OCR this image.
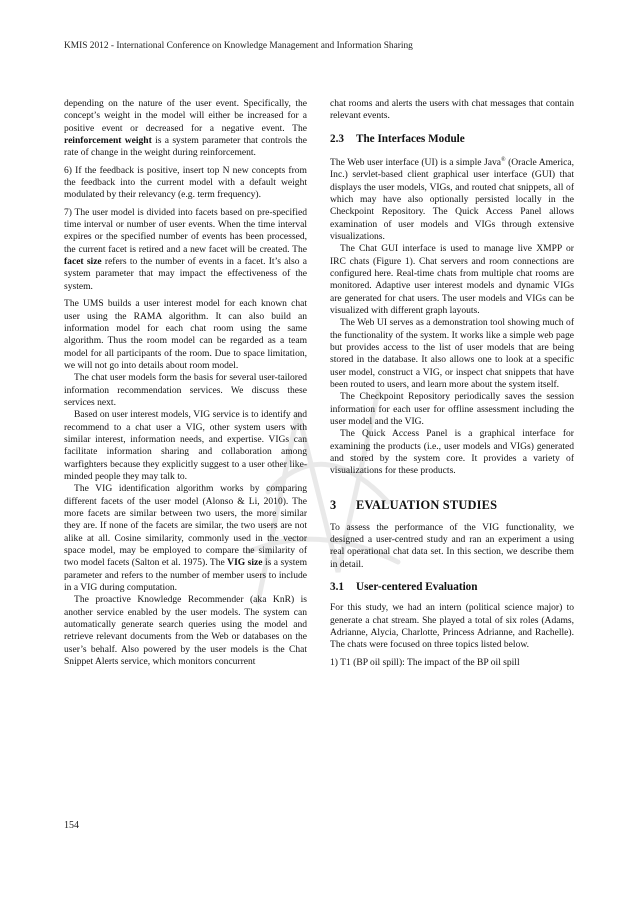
KMIS 2012 - International Conference on Knowledge Management and Information Sharing

depending on the nature of the user event. Specifically, the concept’s weight in the model will either be increased for a positive event or decreased for a negative event. The reinforcement weight is a system parameter that controls the rate of change in the weight during reinforcement.

6) If the feedback is positive, insert top N new concepts from the feedback into the current model with a default weight modulated by their relevancy (e.g. term frequency).

7) The user model is divided into facets based on pre-specified time interval or number of user events. When the time interval expires or the specified number of events has been processed, the current facet is retired and a new facet will be created. The facet size refers to the number of events in a facet. It’s also a system parameter that may impact the effectiveness of the system.

The UMS builds a user interest model for each known chat user using the RAMA algorithm. It can also build an information model for each chat room using the same algorithm. Thus the room model can be regarded as a team model for all participants of the room. Due to space limitation, we will not go into details about room model.

The chat user models form the basis for several user-tailored information recommendation services. We discuss these services next.

Based on user interest models, VIG service is to identify and recommend to a chat user a VIG, other system users with similar interest, information needs, and expertise. VIGs can facilitate information sharing and collaboration among warfighters because they explicitly suggest to a user other like-minded people they may talk to.

The VIG identification algorithm works by comparing different facets of the user model (Alonso & Li, 2010). The more facets are similar between two users, the more similar they are. If none of the facets are similar, the two users are not alike at all. Cosine similarity, commonly used in the vector space model, may be employed to compare the similarity of two model facets (Salton et al. 1975). The VIG size is a system parameter and refers to the number of member users to include in a VIG during computation.

The proactive Knowledge Recommender (aka KnR) is another service enabled by the user models. The system can automatically generate search queries using the model and retrieve relevant documents from the Web or databases on the user’s behalf. Also powered by the user models is the Chat Snippet Alerts service, which monitors concurrent

chat rooms and alerts the users with chat messages that contain relevant events.

2.3 The Interfaces Module

The Web user interface (UI) is a simple Java® (Oracle America, Inc.) servlet-based client graphical user interface (GUI) that displays the user models, VIGs, and routed chat snippets, all of which may have also optionally persisted locally in the Checkpoint Repository. The Quick Access Panel allows examination of user models and VIGs through extensive visualizations.

The Chat GUI interface is used to manage live XMPP or IRC chats (Figure 1). Chat servers and room connections are configured here. Real-time chats from multiple chat rooms are monitored. Adaptive user interest models and dynamic VIGs are generated for chat users. The user models and VIGs can be visualized with different graph layouts.

The Web UI serves as a demonstration tool showing much of the functionality of the system. It works like a simple web page but provides access to the list of user models that are being stored in the database. It also allows one to look at a specific user model, construct a VIG, or inspect chat snippets that have been routed to users, and learn more about the system itself.

The Checkpoint Repository periodically saves the session information for each user for offline assessment including the user model and the VIG.

The Quick Access Panel is a graphical interface for examining the products (i.e., user models and VIGs) generated and stored by the system core. It provides a variety of visualizations for these products.

3 EVALUATION STUDIES

To assess the performance of the VIG functionality, we designed a user-centred study and ran an experiment a using real operational chat data set. In this section, we describe them in detail.

3.1 User-centered Evaluation

For this study, we had an intern (political science major) to generate a chat stream. She played a total of six roles (Adams, Adrianne, Alycia, Charlotte, Princess Adrianne, and Rachelle). The chats were focused on three topics listed below.

1) T1 (BP oil spill): The impact of the BP oil spill

154
